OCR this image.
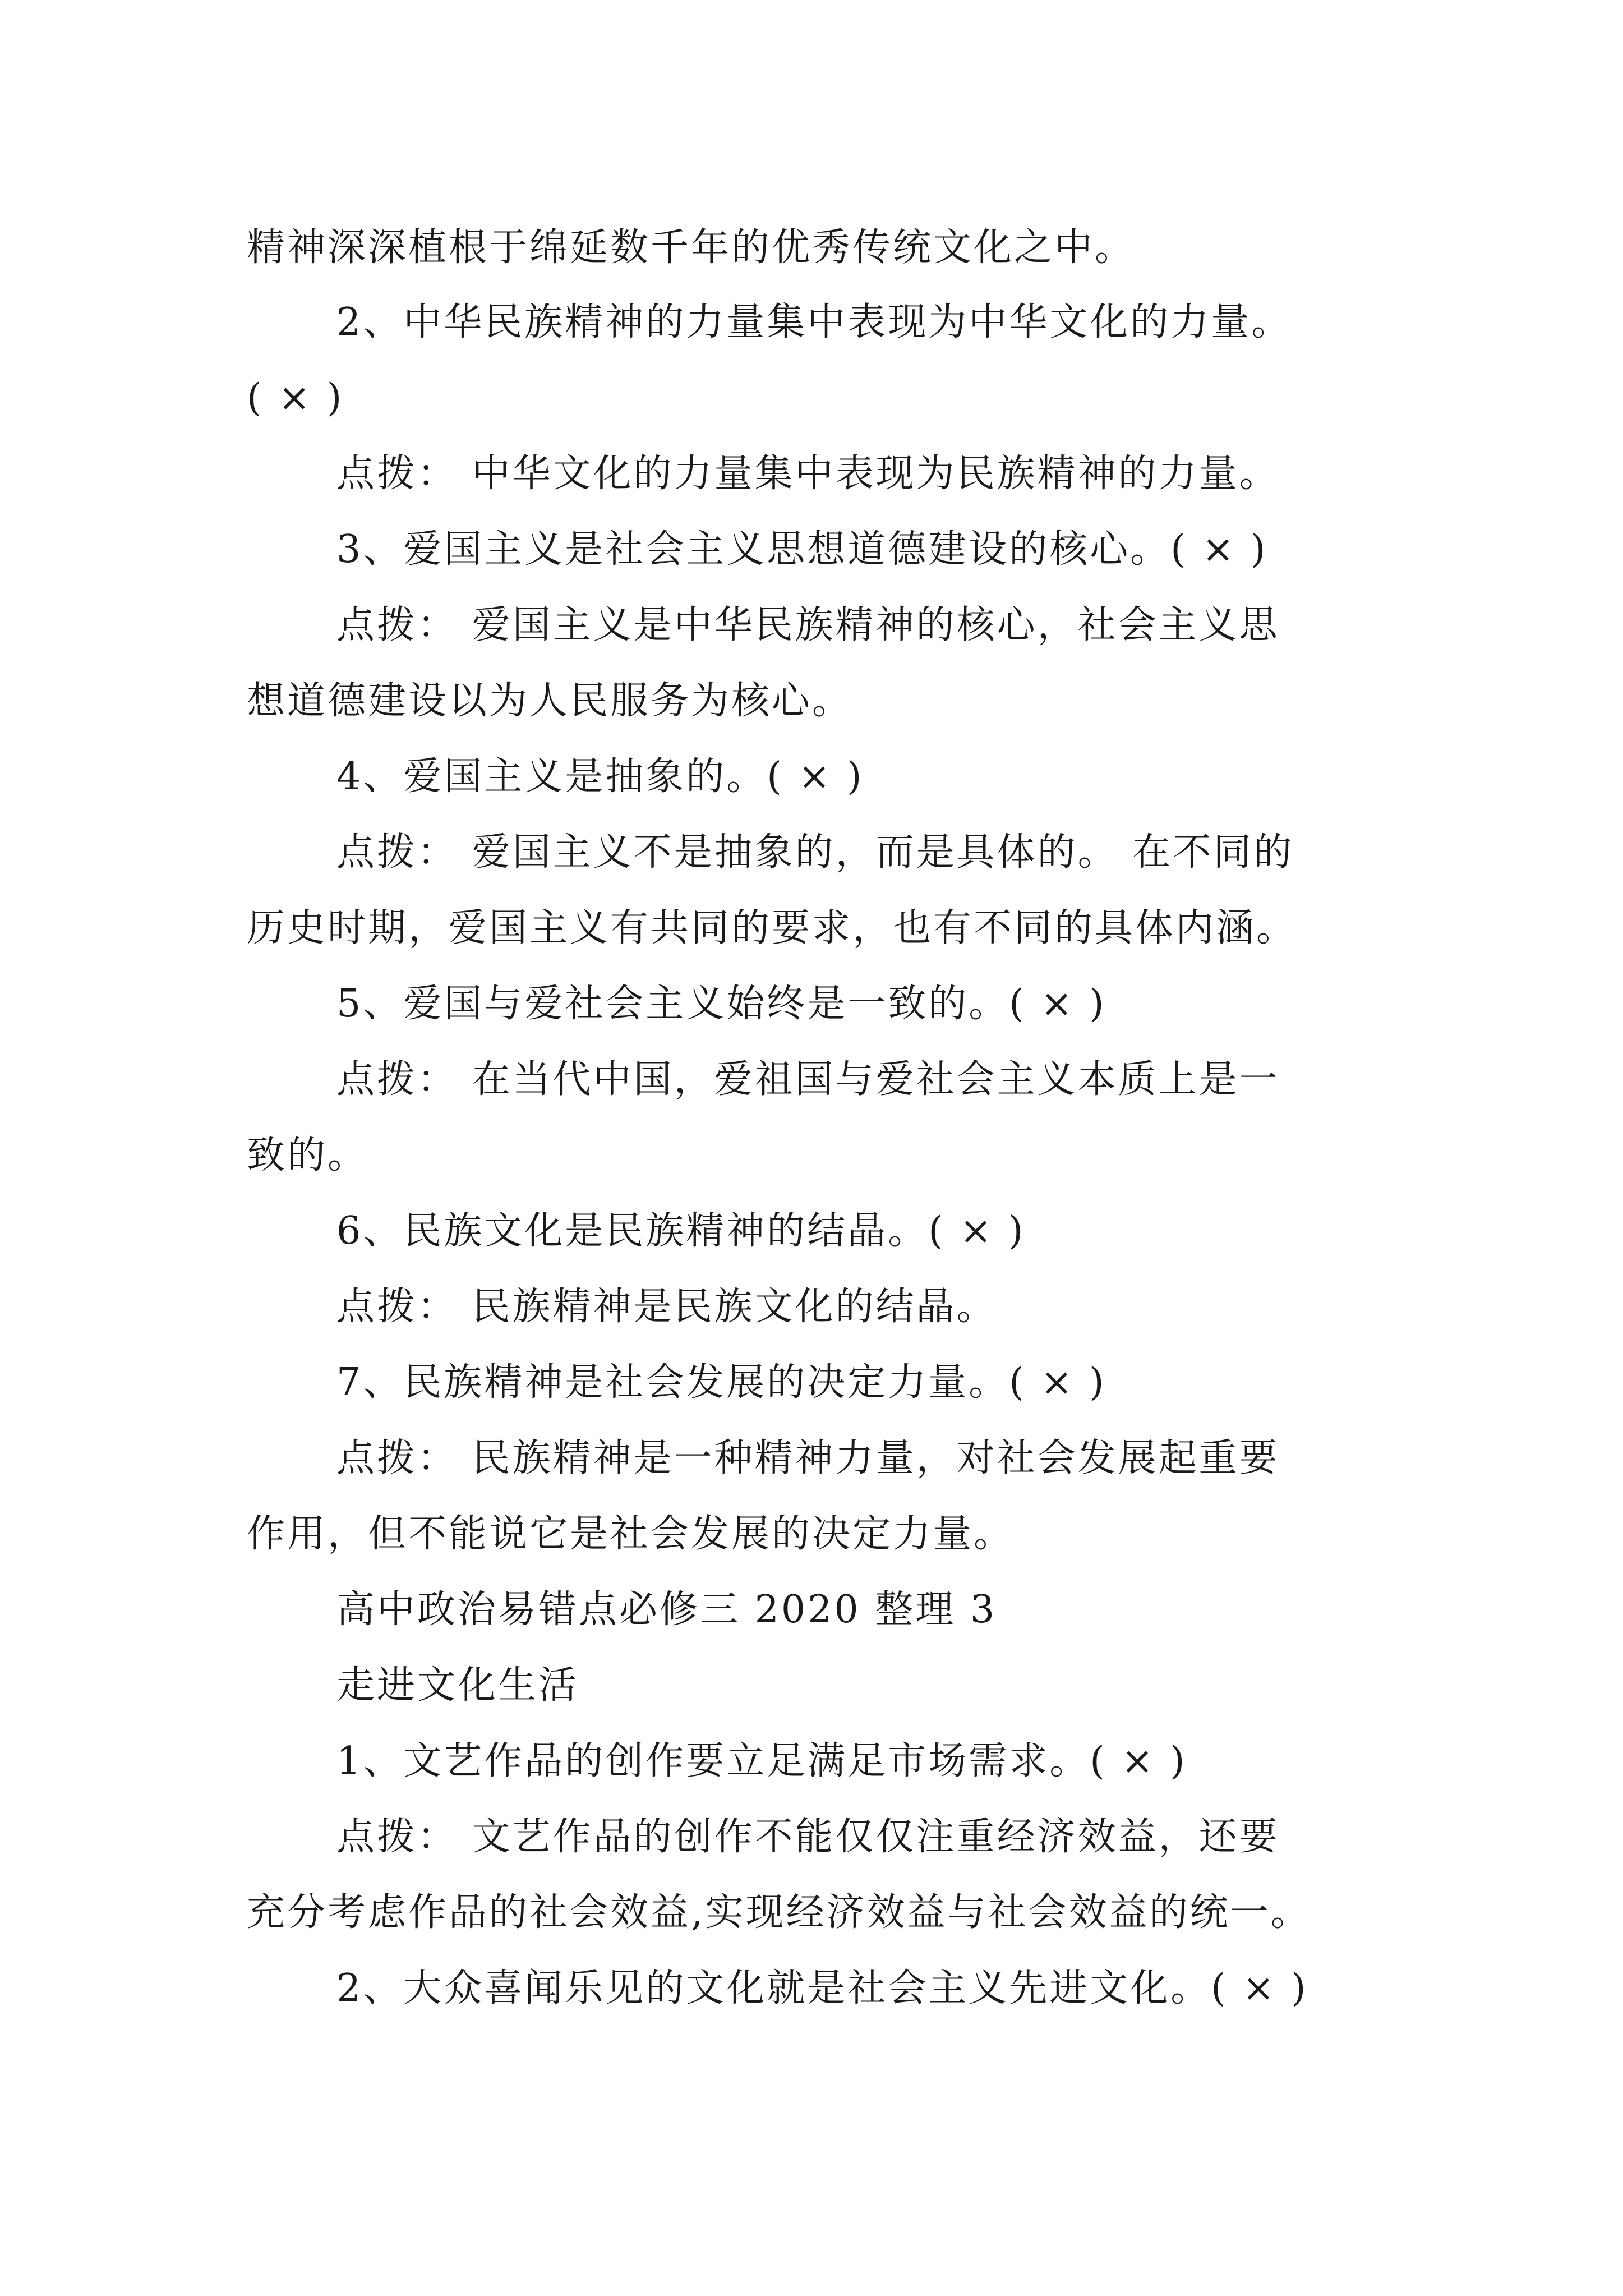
精神深深植根于绵延数千年的优秀传统文化之中。
2、中华民族精神的力量集中表现为中华文化的力量。
( × )
点拨： 中华文化的力量集中表现为民族精神的力量。
3、爱国主义是社会主义思想道德建设的核心。( × )
点拨： 爱国主义是中华民族精神的核心，社会主义思
想道德建设以为人民服务为核心。
4、爱国主义是抽象的。( × )
点拨： 爱国主义不是抽象的，而是具体的。 在不同的
历史时期，爱国主义有共同的要求，也有不同的具体内涵。
5、爱国与爱社会主义始终是一致的。( × )
点拨： 在当代中国，爱祖国与爱社会主义本质上是一
致的。
6、民族文化是民族精神的结晶。( × )
点拨： 民族精神是民族文化的结晶。
7、民族精神是社会发展的决定力量。( × )
点拨： 民族精神是一种精神力量，对社会发展起重要
作用，但不能说它是社会发展的决定力量。
高中政治易错点必修三 2020 整理 3
走进文化生活
1、文艺作品的创作要立足满足市场需求。( × )
点拨： 文艺作品的创作不能仅仅注重经济效益，还要
充分考虑作品的社会效益,实现经济效益与社会效益的统一。
2、大众喜闻乐见的文化就是社会主义先进文化。( × )
